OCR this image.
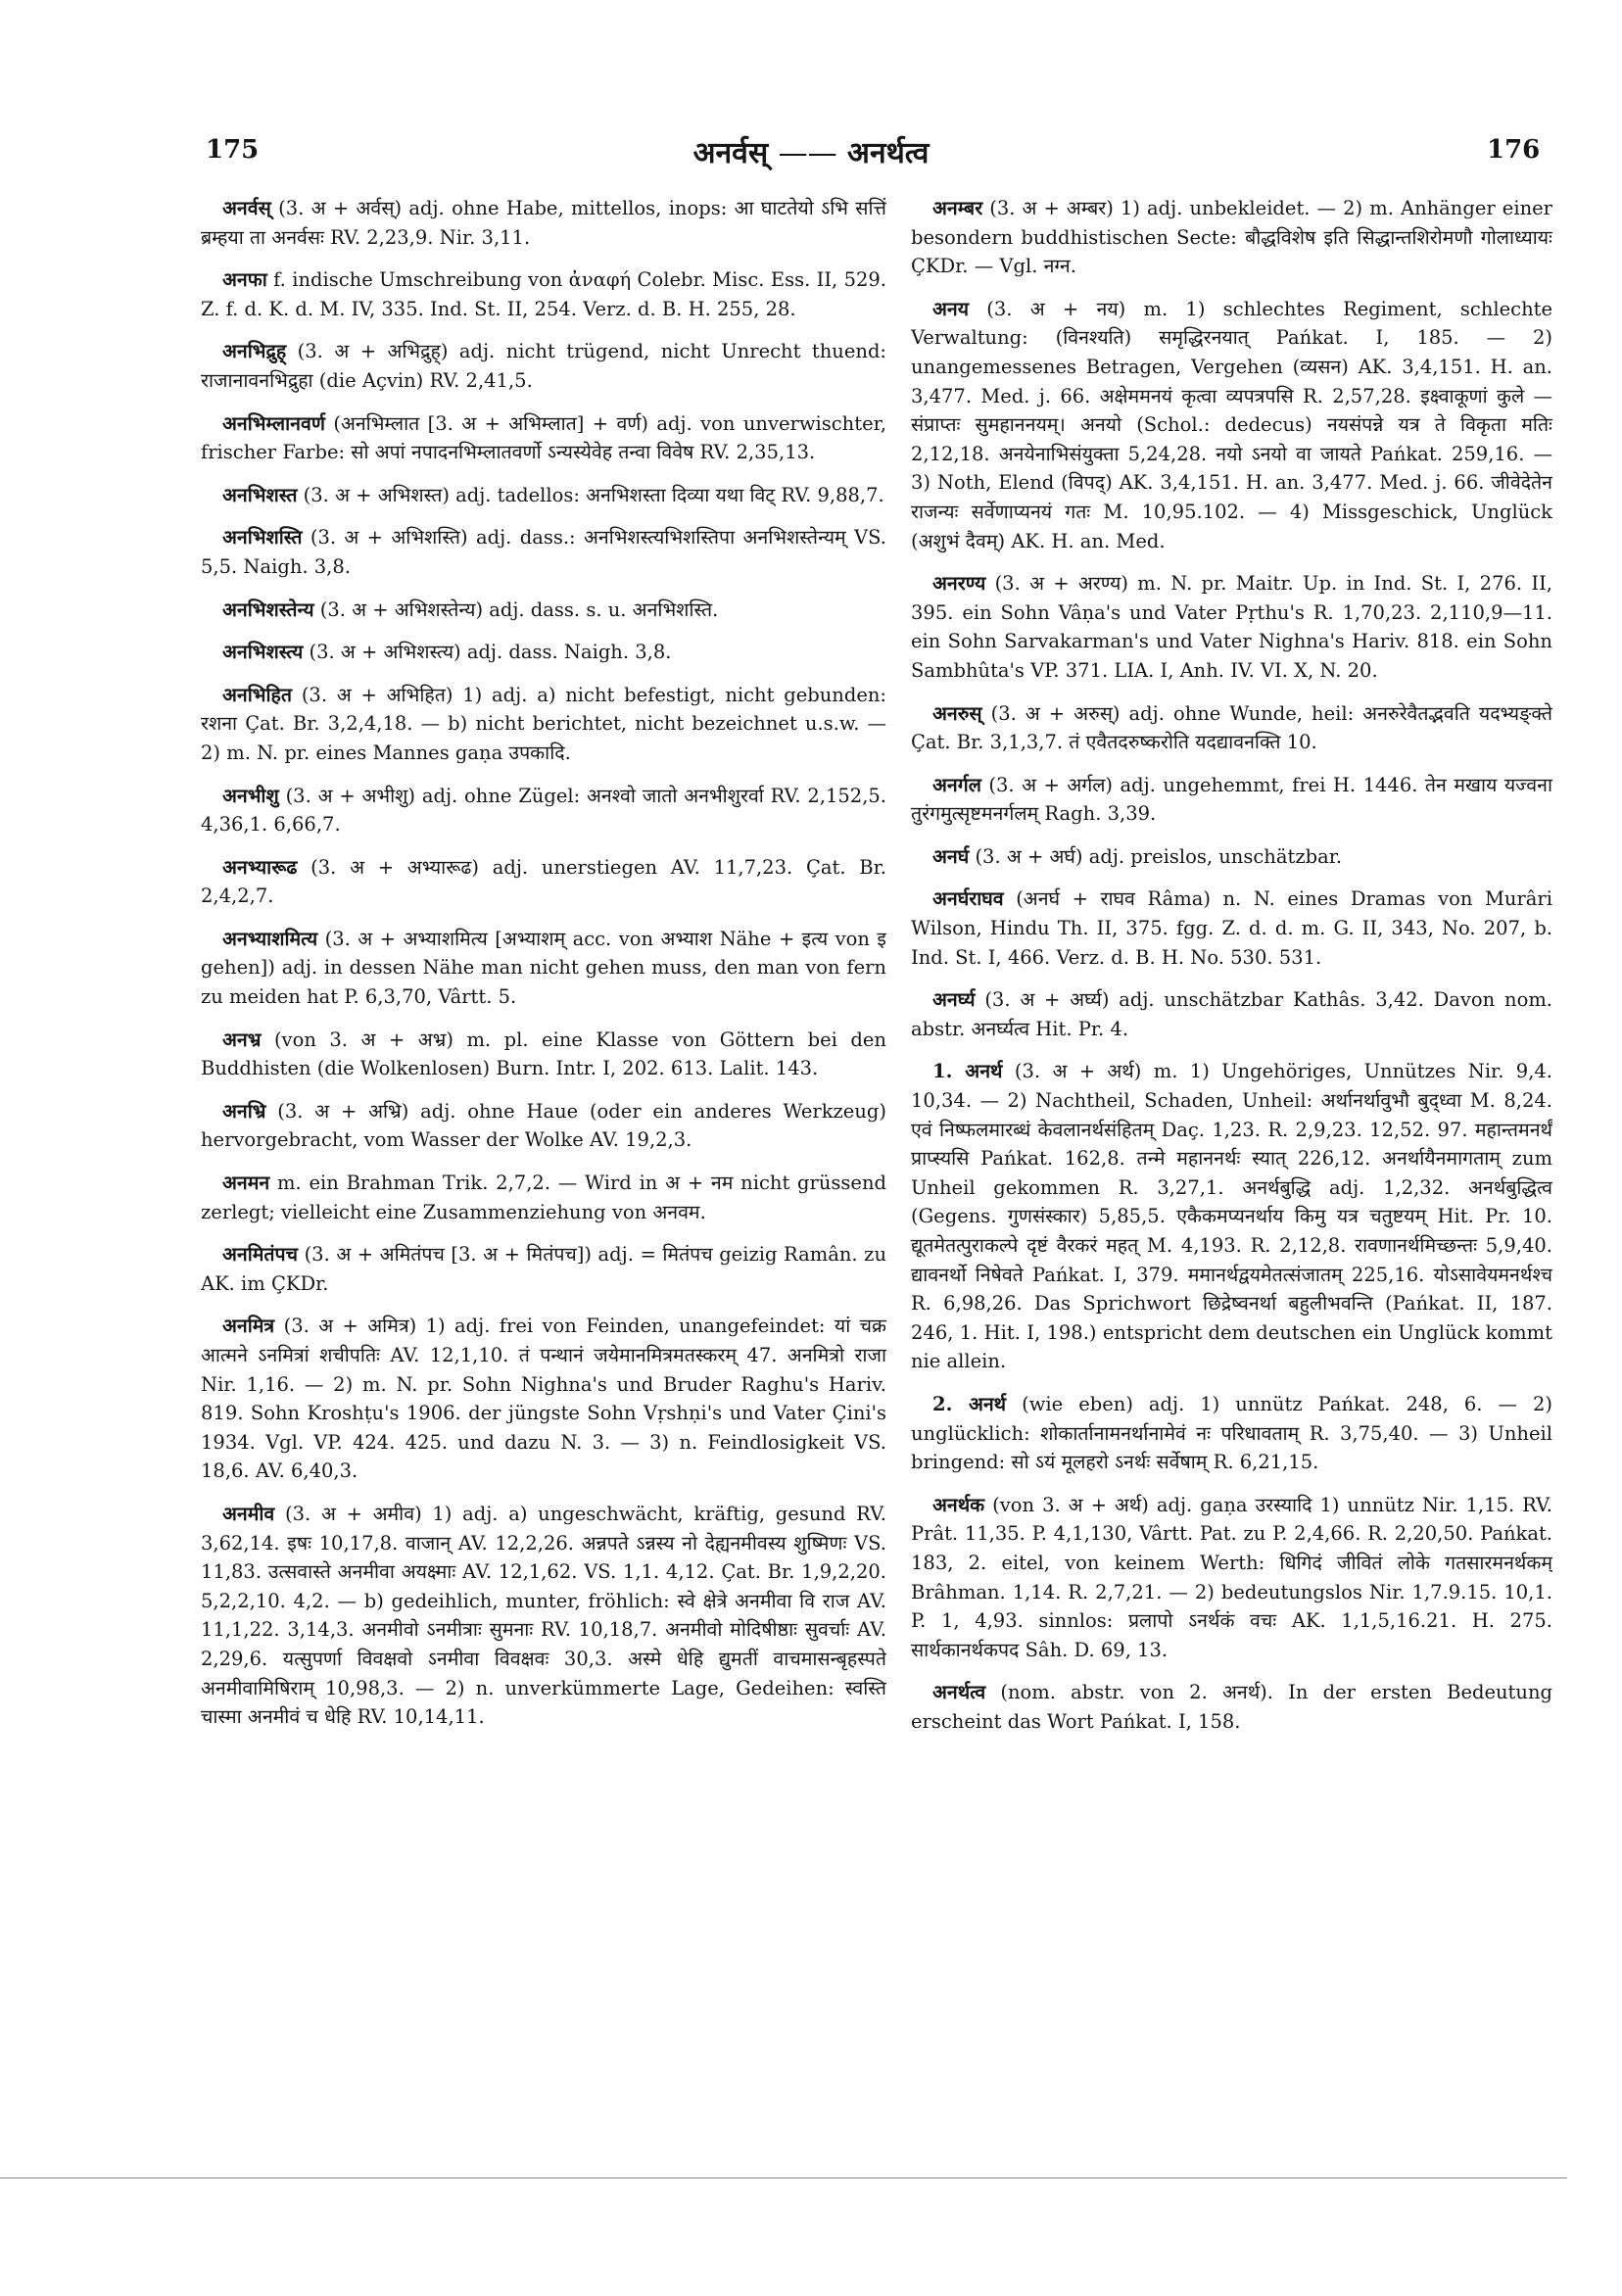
175	अनर्वस् —— अनर्थत्व	176

अनर्वस् (3. अ + अर्वस्) adj. ohne Habe, mittellos, inops: आ घाटतेयो ऽभि सत्तिं ब्रम्हया ता अनर्वसः RV. 2,23,9. Nir. 3,11.

अनफा f. indische Umschreibung von ἀναφή Colebr. Misc. Ess. II, 529. Z. f. d. K. d. M. IV, 335. Ind. St. II, 254. Verz. d. B. H. 255, 28.

अनभिद्रुह् (3. अ + अभिद्रुह्) adj. nicht trügend, nicht Unrecht thuend: राजानावनभिद्रुहा (die Açvin) RV. 2,41,5.

अनभिम्लानवर्ण (अनभिम्लात [3. अ + अभिम्लात] + वर्ण) adj. von unverwischter, frischer Farbe: सो अपां नपादनभिम्लातवर्णो ऽन्यस्येवेह तन्वा विवेष RV. 2,35,13.

अनभिशस्त (3. अ + अभिशस्त) adj. tadellos: अनभिशस्ता दिव्या यथा विट् RV. 9,88,7.

अनभिशस्ति (3. अ + अभिशस्ति) adj. dass.: अनभिशस्त्यभिशस्तिपा अनभिशस्तेन्यम् VS. 5,5. Naigh. 3,8.

अनभिशस्तेन्य (3. अ + अभिशस्तेन्य) adj. dass. s. u. अनभिशस्ति.

अनभिशस्त्य (3. अ + अभिशस्त्य) adj. dass. Naigh. 3,8.

अनभिहित (3. अ + अभिहित) 1) adj. a) nicht befestigt, nicht gebunden: रशना Çat. Br. 3,2,4,18. — b) nicht berichtet, nicht bezeichnet u.s.w. — 2) m. N. pr. eines Mannes gaṇa उपकादि.

अनभीशु (3. अ + अभीशु) adj. ohne Zügel: अनश्वो जातो अनभीशुरर्वा RV. 2,152,5. 4,36,1. 6,66,7.

अनभ्यारूढ (3. अ + अभ्यारूढ) adj. unerstiegen AV. 11,7,23. Çat. Br. 2,4,2,7.

अनभ्याशमित्य (3. अ + अभ्याशमित्य [अभ्याशम् acc. von अभ्याश Nähe + इत्य von इ gehen]) adj. in dessen Nähe man nicht gehen muss, den man von fern zu meiden hat P. 6,3,70, Vârtt. 5.

अनभ्र (von 3. अ + अभ्र) m. pl. eine Klasse von Göttern bei den Buddhisten (die Wolkenlosen) Burn. Intr. I, 202. 613. Lalit. 143.

अनभ्रि (3. अ + अभ्रि) adj. ohne Haue (oder ein anderes Werkzeug) hervorgebracht, vom Wasser der Wolke AV. 19,2,3.

अनमन m. ein Brahman Trik. 2,7,2. — Wird in अ + नम nicht grüssend zerlegt; vielleicht eine Zusammenziehung von अनवम.

अनमितंपच (3. अ + अमितंपच [3. अ + मितंपच]) adj. = मितंपच geizig Ramân. zu AK. im ÇKDr.

अनमित्र (3. अ + अमित्र) 1) adj. frei von Feinden, unangefeindet: यां चक्र आत्मने ऽनमित्रां शचीपतिः AV. 12,1,10. तं पन्थानं जयेमानमित्रमतस्करम् 47. अनमित्रो राजा Nir. 1,16. — 2) m. N. pr. Sohn Nighna's und Bruder Raghu's Hariv. 819. Sohn Kroshṭu's 1906. der jüngste Sohn Vṛshṇi's und Vater Çini's 1934. Vgl. VP. 424. 425. und dazu N. 3. — 3) n. Feindlosigkeit VS. 18,6. AV. 6,40,3.

अनमीव (3. अ + अमीव) 1) adj. a) ungeschwächt, kräftig, gesund RV. 3,62,14. इषः 10,17,8. वाजान् AV. 12,2,26. अन्नपते ऽन्नस्य नो देह्यनमीवस्य शुष्मिणः VS. 11,83. उत्सवास्ते अनमीवा अयक्ष्माः AV. 12,1,62. VS. 1,1. 4,12. Çat. Br. 1,9,2,20. 5,2,2,10. 4,2. — b) gedeihlich, munter, fröhlich: स्वे क्षेत्रे अनमीवा वि राज AV. 11,1,22. 3,14,3. अनमीवो ऽनमीत्राः सुमनाः RV. 10,18,7. अनमीवो मोदिषीष्ठाः सुवर्चाः AV. 2,29,6. यत्सुपर्णा विवक्षवो ऽनमीवा विवक्षवः 30,3. अस्मे धेहि द्युमतीं वाचमासन्बृहस्पते अनमीवामिषिराम् 10,98,3. — 2) n. unverkümmerte Lage, Gedeihen: स्वस्ति चास्मा अनमीवं च धेहि RV. 10,14,11.

अनम्बर (3. अ + अम्बर) 1) adj. unbekleidet. — 2) m. Anhänger einer besondern buddhistischen Secte: बौद्धविशेष इति सिद्धान्तशिरोमणौ गोलाध्यायः ÇKDr. — Vgl. नग्न.

अनय (3. अ + नय) m. 1) schlechtes Regiment, schlechte Verwaltung: (विनश्यति) समृद्धिरनयात् Pańkat. I, 185. — 2) unangemessenes Betragen, Vergehen (व्यसन) AK. 3,4,151. H. an. 3,477. Med. j. 66. अक्षेममनयं कृत्वा व्यपत्रपसि R. 2,57,28. इक्ष्वाकूणां कुले — संप्राप्तः सुमहाननयम्। अनयो (Schol.: dedecus) नयसंपन्ने यत्र ते विकृता मतिः 2,12,18. अनयेनाभिसंयुक्ता 5,24,28. नयो ऽनयो वा जायते Pańkat. 259,16. — 3) Noth, Elend (विपद्) AK. 3,4,151. H. an. 3,477. Med. j. 66. जीवेदेतेन राजन्यः सर्वेणाप्यनयं गतः M. 10,95.102. — 4) Missgeschick, Unglück (अशुभं दैवम्) AK. H. an. Med.

अनरण्य (3. अ + अरण्य) m. N. pr. Maitr. Up. in Ind. St. I, 276. II, 395. ein Sohn Vâṇa's und Vater Pṛthu's R. 1,70,23. 2,110,9—11. ein Sohn Sarvakarman's und Vater Nighna's Hariv. 818. ein Sohn Sambhûta's VP. 371. LIA. I, Anh. IV. VI. X, N. 20.

अनरुस् (3. अ + अरुस्) adj. ohne Wunde, heil: अनरुरेवैतद्भवति यदभ्यङ्क्ते Çat. Br. 3,1,3,7. तं एवैतदरुष्करोति यदद्यावनक्ति 10.

अनर्गल (3. अ + अर्गल) adj. ungehemmt, frei H. 1446. तेन मखाय यज्वना तुरंगमुत्सृष्टमनर्गलम् Ragh. 3,39.

अनर्घ (3. अ + अर्घ) adj. preislos, unschätzbar.

अनर्घराघव (अनर्घ + राघव Râma) n. N. eines Dramas von Murâri Wilson, Hindu Th. II, 375. fgg. Z. d. d. m. G. II, 343, No. 207, b. Ind. St. I, 466. Verz. d. B. H. No. 530. 531.

अनर्घ्य (3. अ + अर्घ्य) adj. unschätzbar Kathâs. 3,42. Davon nom. abstr. अनर्घ्यत्व Hit. Pr. 4.

1. अनर्थ (3. अ + अर्थ) m. 1) Ungehöriges, Unnützes Nir. 9,4. 10,34. — 2) Nachtheil, Schaden, Unheil: अर्थानर्थावुभौ बुद्ध्वा M. 8,24. एवं निष्फलमारब्धं केवलानर्थसंहितम् Daç. 1,23. R. 2,9,23. 12,52. 97. महान्तमनर्थं प्राप्स्यसि Pańkat. 162,8. तन्मे महाननर्थः स्यात् 226,12. अनर्थायैनमागताम् zum Unheil gekommen R. 3,27,1. अनर्थबुद्धि adj. 1,2,32. अनर्थबुद्धित्व (Gegens. गुणसंस्कार) 5,85,5. एकैकमप्यनर्थाय किमु यत्र चतुष्टयम् Hit. Pr. 10. द्यूतमेतत्पुराकल्पे दृष्टं वैरकरं महत् M. 4,193. R. 2,12,8. रावणानर्थमिच्छन्तः 5,9,40. द्यावनर्थो निषेवते Pańkat. I, 379. ममानर्थद्वयमेतत्संजातम् 225,16. योऽसावेयमनर्थश्च R. 6,98,26. Das Sprichwort छिद्रेष्वनर्था बहुलीभवन्ति (Pańkat. II, 187. 246, 1. Hit. I, 198.) entspricht dem deutschen ein Unglück kommt nie allein.

2. अनर्थ (wie eben) adj. 1) unnütz Pańkat. 248, 6. — 2) unglücklich: शोकार्तानामनर्थानामेवं नः परिधावताम् R. 3,75,40. — 3) Unheil bringend: सो ऽयं मूलहरो ऽनर्थः सर्वेषाम् R. 6,21,15.

अनर्थक (von 3. अ + अर्थ) adj. gaṇa उरस्यादि 1) unnütz Nir. 1,15. RV. Prât. 11,35. P. 4,1,130, Vârtt. Pat. zu P. 2,4,66. R. 2,20,50. Pańkat. 183, 2. eitel, von keinem Werth: धिगिदं जीवितं लोके गतसारमनर्थकम् Brâhman. 1,14. R. 2,7,21. — 2) bedeutungslos Nir. 1,7.9.15. 10,1. P. 1, 4,93. sinnlos: प्रलापो ऽनर्थकं वचः AK. 1,1,5,16.21. H. 275. सार्थकानर्थकपद Sâh. D. 69, 13.

अनर्थत्व (nom. abstr. von 2. अनर्थ). In der ersten Bedeutung erscheint das Wort Pańkat. I, 158.
